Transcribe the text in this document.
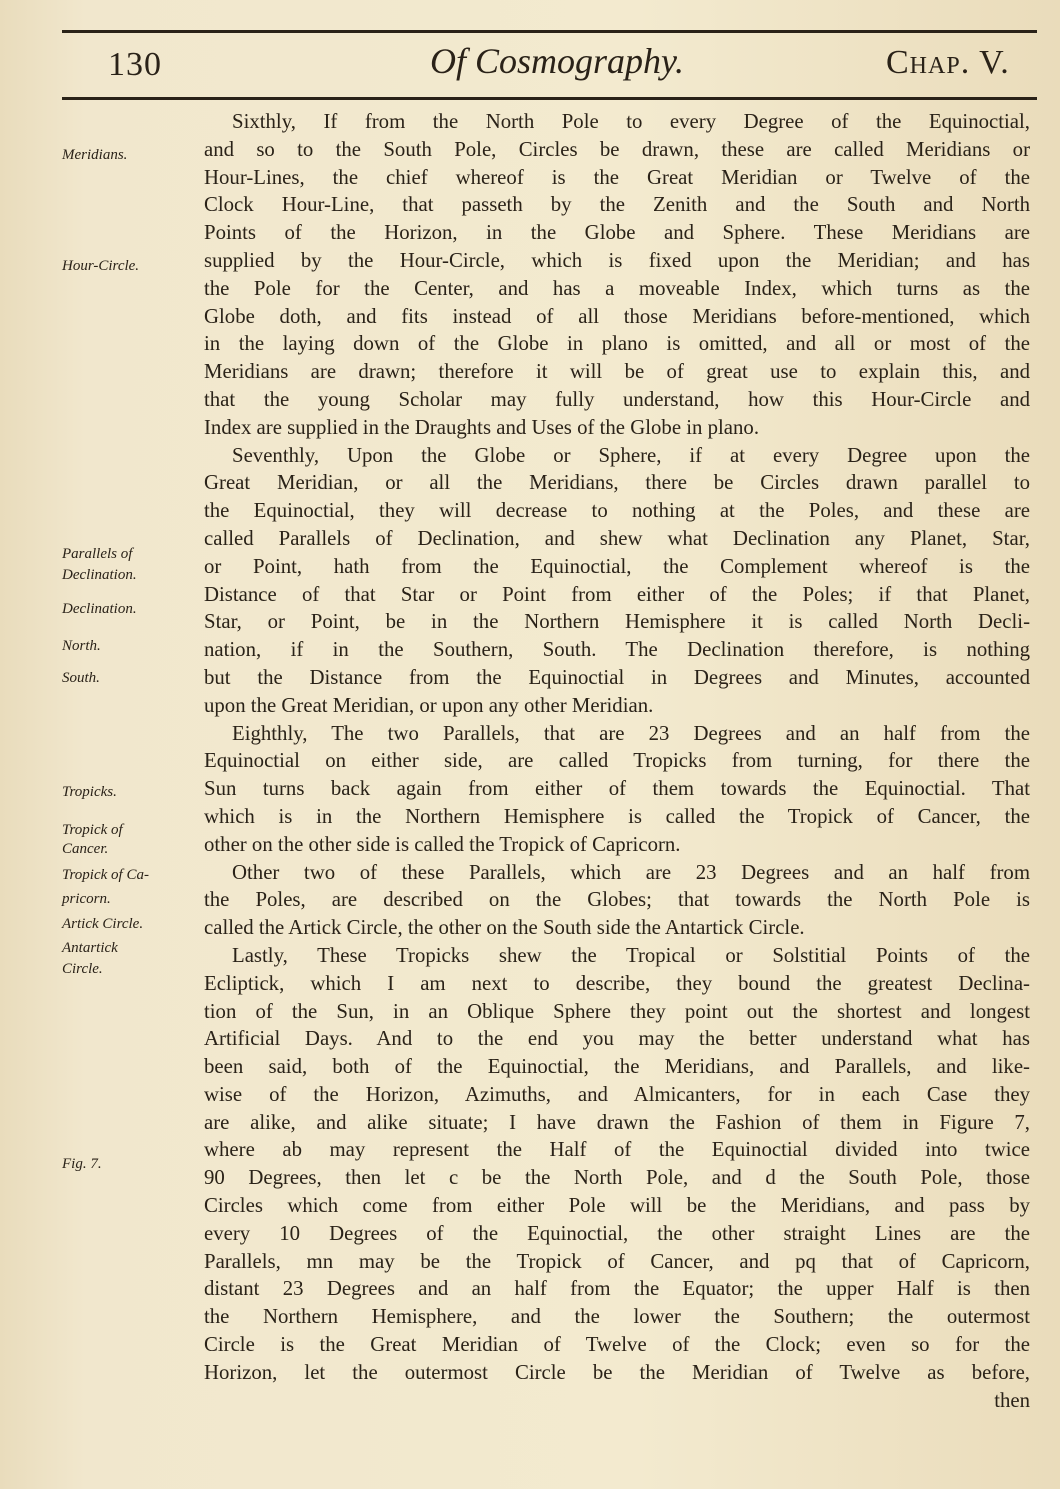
130	Of Cosmography.	Chap. V.
Meridians.
Hour-Circle.
Parallels of
Declination.
Declination.
North.
South.
Tropicks.
Tropick of
Cancer.
Tropick of Ca-
pricorn.
Artick Circle.
Antartick
Circle.
Fig. 7.
Sixthly, If from the North Pole to every Degree of the Equinoctial,
and so to the South Pole, Circles be drawn, these are called Meridians or
Hour-Lines, the chief whereof is the Great Meridian or Twelve of the
Clock Hour-Line, that passeth by the Zenith and the South and North
Points of the Horizon, in the Globe and Sphere. These Meridians are
supplied by the Hour-Circle, which is fixed upon the Meridian; and has
the Pole for the Center, and has a moveable Index, which turns as the
Globe doth, and fits instead of all those Meridians before-mentioned, which
in the laying down of the Globe in plano is omitted, and all or most of the
Meridians are drawn; therefore it will be of great use to explain this, and
that the young Scholar may fully understand, how this Hour-Circle and
Index are supplied in the Draughts and Uses of the Globe in plano.
Seventhly, Upon the Globe or Sphere, if at every Degree upon the
Great Meridian, or all the Meridians, there be Circles drawn parallel to
the Equinoctial, they will decrease to nothing at the Poles, and these are
called Parallels of Declination, and shew what Declination any Planet, Star,
or Point, hath from the Equinoctial, the Complement whereof is the
Distance of that Star or Point from either of the Poles; if that Planet,
Star, or Point, be in the Northern Hemisphere it is called North Decli-
nation, if in the Southern, South. The Declination therefore, is nothing
but the Distance from the Equinoctial in Degrees and Minutes, accounted
upon the Great Meridian, or upon any other Meridian.
Eighthly, The two Parallels, that are 23 Degrees and an half from the
Equinoctial on either side, are called Tropicks from turning, for there the
Sun turns back again from either of them towards the Equinoctial. That
which is in the Northern Hemisphere is called the Tropick of Cancer, the
other on the other side is called the Tropick of Capricorn.
Other two of these Parallels, which are 23 Degrees and an half from
the Poles, are described on the Globes; that towards the North Pole is
called the Artick Circle, the other on the South side the Antartick Circle.
Lastly, These Tropicks shew the Tropical or Solstitial Points of the
Ecliptick, which I am next to describe, they bound the greatest Declina-
tion of the Sun, in an Oblique Sphere they point out the shortest and longest
Artificial Days. And to the end you may the better understand what has
been said, both of the Equinoctial, the Meridians, and Parallels, and like-
wise of the Horizon, Azimuths, and Almicanters, for in each Case they
are alike, and alike situate; I have drawn the Fashion of them in Figure 7,
where ab may represent the Half of the Equinoctial divided into twice
90 Degrees, then let c be the North Pole, and d the South Pole, those
Circles which come from either Pole will be the Meridians, and pass by
every 10 Degrees of the Equinoctial, the other straight Lines are the
Parallels, mn may be the Tropick of Cancer, and pq that of Capricorn,
distant 23 Degrees and an half from the Equator; the upper Half is then
the Northern Hemisphere, and the lower the Southern; the outermost
Circle is the Great Meridian of Twelve of the Clock; even so for the
Horizon, let the outermost Circle be the Meridian of Twelve as before,
then
